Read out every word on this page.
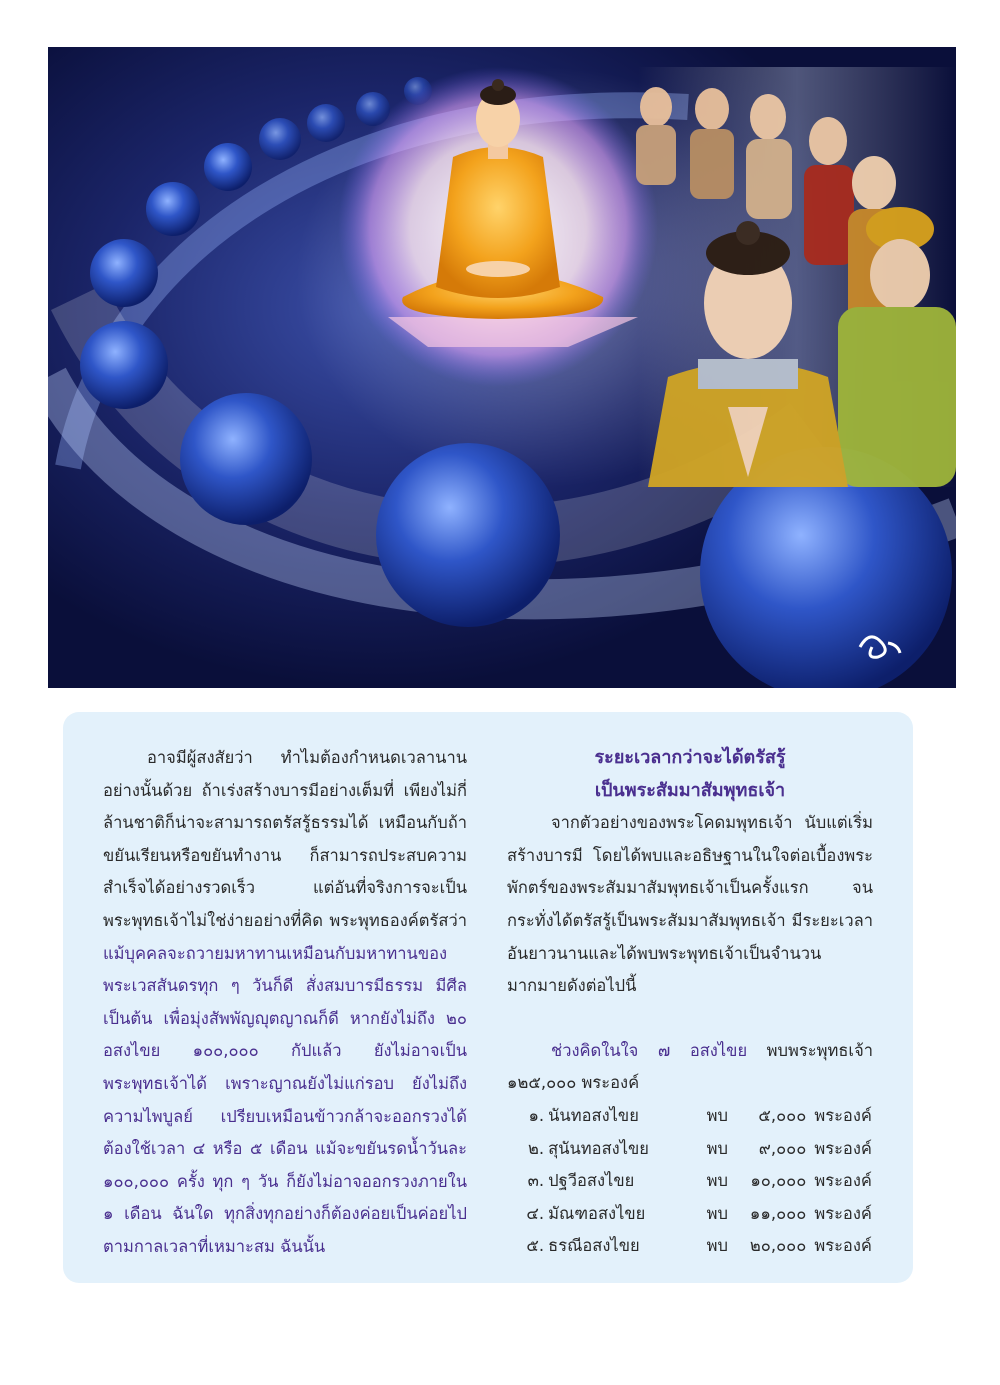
อาจมีผู้สงสัยว่า ทำไมต้องกำหนดเวลานานอย่างนั้นด้วย ถ้าเร่งสร้างบารมีอย่างเต็มที่ เพียงไม่กี่ล้านชาติก็น่าจะสามารถตรัสรู้ธรรมได้ เหมือนกับถ้าขยันเรียนหรือขยันทำงาน ก็สามารถประสบความสำเร็จได้อย่างรวดเร็ว แต่อันที่จริงการจะเป็นพระพุทธเจ้าไม่ใช่ง่ายอย่างที่คิด พระพุทธองค์ตรัสว่า แม้บุคคลจะถวายมหาทานเหมือนกับมหาทานของพระเวสสันดรทุก ๆ วันก็ดี สั่งสมบารมีธรรม มีศีลเป็นต้น เพื่อมุ่งสัพพัญญุตญาณก็ดี หากยังไม่ถึง ๒๐ อสงไขย ๑๐๐,๐๐๐ กัปแล้ว ยังไม่อาจเป็นพระพุทธเจ้าได้ เพราะญาณยังไม่แก่รอบ ยังไม่ถึงความไพบูลย์ เปรียบเหมือนข้าวกล้าจะออกรวงได้ ต้องใช้เวลา ๔ หรือ ๕ เดือน แม้จะขยันรดน้ำวันละ ๑๐๐,๐๐๐ ครั้ง ทุก ๆ วัน ก็ยังไม่อาจออกรวงภายใน ๑ เดือน ฉันใด ทุกสิ่งทุกอย่างก็ต้องค่อยเป็นค่อยไปตามกาลเวลาที่เหมาะสม ฉันนั้น

ระยะเวลากว่าจะได้ตรัสรู้

เป็นพระสัมมาสัมพุทธเจ้า

จากตัวอย่างของพระโคดมพุทธเจ้า นับแต่เริ่มสร้างบารมี โดยได้พบและอธิษฐานในใจต่อเบื้องพระพักตร์ของพระสัมมาสัมพุทธเจ้าเป็นครั้งแรก จนกระทั่งได้ตรัสรู้เป็นพระสัมมาสัมพุทธเจ้า มีระยะเวลาอันยาวนานและได้พบพระพุทธเจ้าเป็นจำนวนมากมายดังต่อไปนี้

ช่วงคิดในใจ ๗ อสงไขย พบพระพุทธเจ้า ๑๒๕,๐๐๐ พระองค์

๑. นันทอสงไขย	พบ	๕,๐๐๐ พระองค์
๒. สุนันทอสงไขย	พบ	๙,๐๐๐ พระองค์
๓. ปฐวีอสงไขย	พบ	๑๐,๐๐๐ พระองค์
๔. มัณฑอสงไขย	พบ	๑๑,๐๐๐ พระองค์
๕. ธรณีอสงไขย	พบ	๒๐,๐๐๐ พระองค์
